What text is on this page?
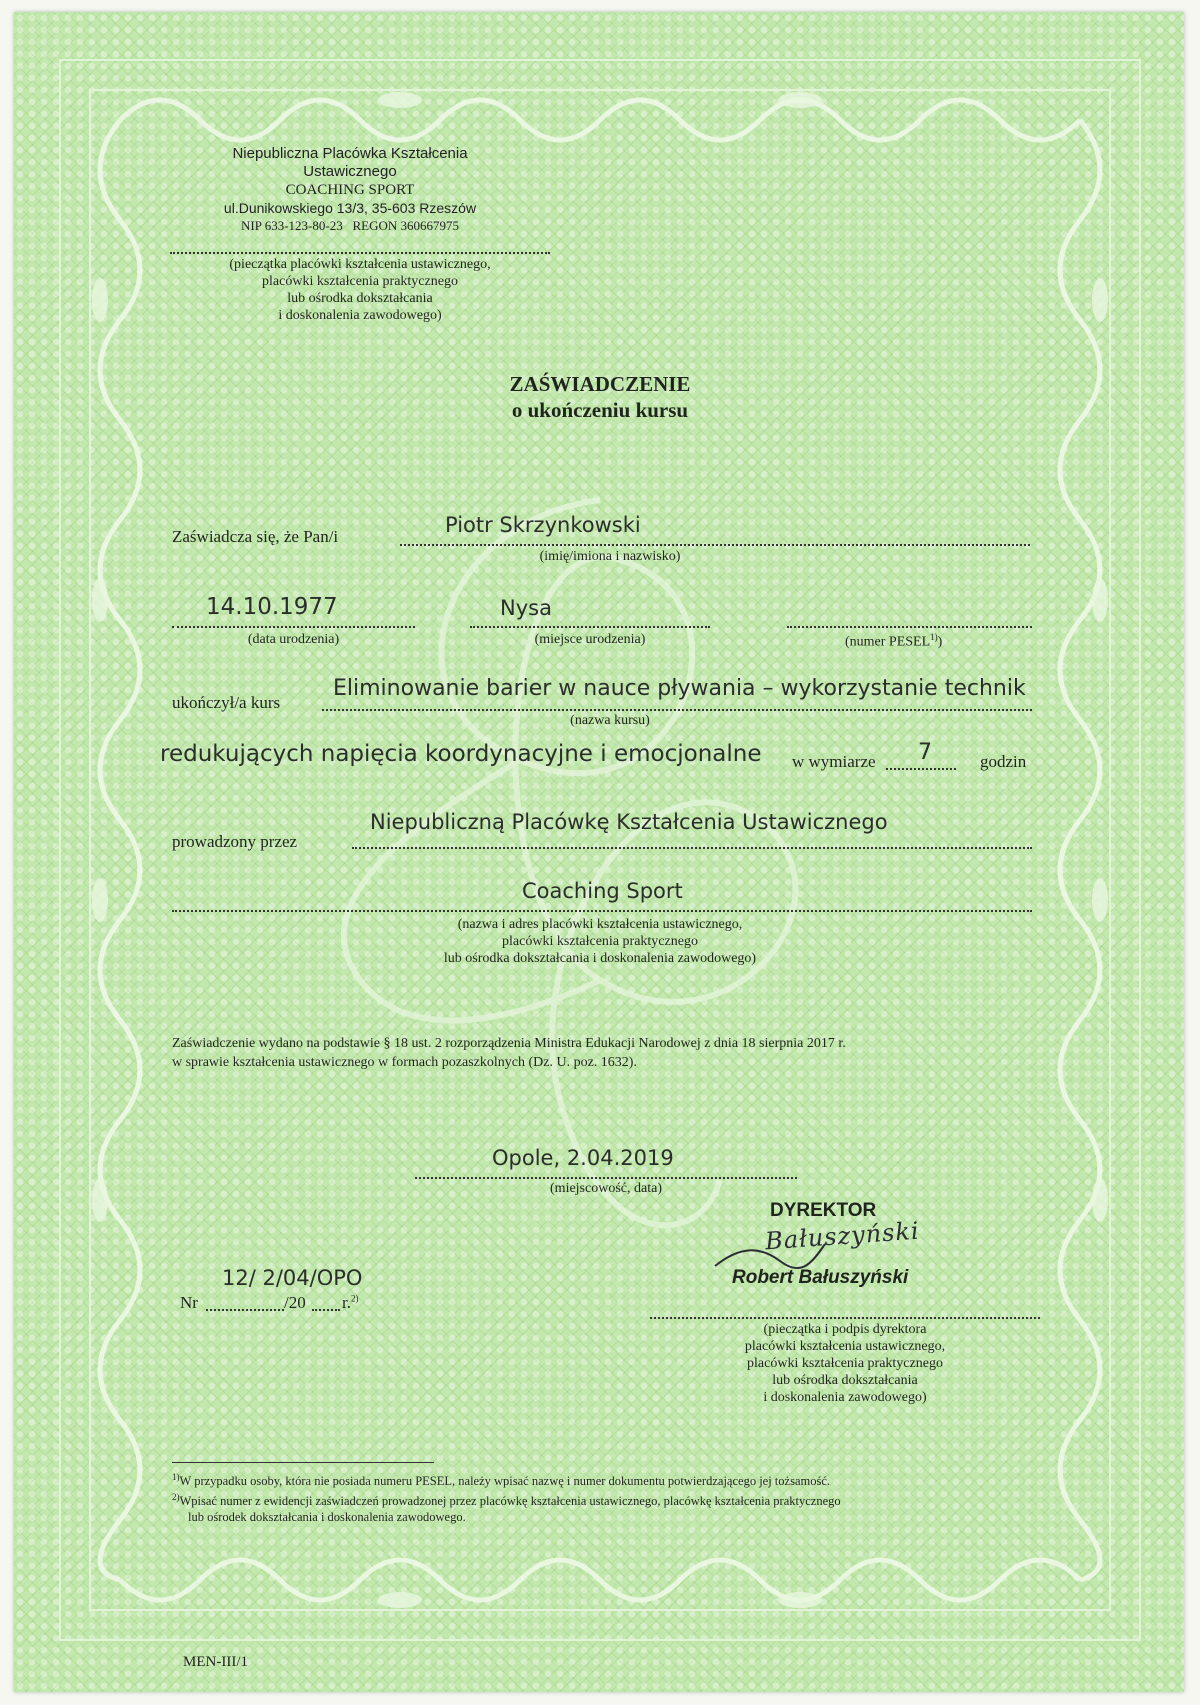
Niepubliczna Placówka Kształcenia
Ustawicznego
COACHING SPORT
ul.Dunikowskiego 13/3, 35-603 Rzeszów
NIP 633-123-80-23   REGON 360667975
(pieczątka placówki kształcenia ustawicznego,
placówki kształcenia praktycznego
lub ośrodka dokształcania
i doskonalenia zawodowego)
ZAŚWIADCZENIE
o ukończeniu kursu
Zaświadcza się, że Pan/i	Piotr Skrzynkowski
(imię/imiona i nazwisko)
14.10.1977
(data urodzenia)
Nysa
(miejsce urodzenia)	(numer PESEL$^{1)}$)
ukończył/a kurs
Eliminowanie barier w nauce pływania – wykorzystanie technik
(nazwa kursu)
redukujących napięcia koordynacyjne i emocjonalne w wymiarze 7	godzin
prowadzony przez
Niepubliczną Placówkę Kształcenia Ustawicznego
Coaching Sport
(nazwa i adres placówki kształcenia ustawicznego,
placówki kształcenia praktycznego
lub ośrodka dokształcania i doskonalenia zawodowego)
Zaświadczenie wydano na podstawie § 18 ust. 2 rozporządzenia Ministra Edukacji Narodowej z dnia 18 sierpnia 2017 r.
w sprawie kształcenia ustawicznego w formach pozaszkolnych (Dz. U. poz. 1632).
Opole, 2.04.2019
(miejscowość, data)
DYREKTOR
Bałuszyński
Robert Bałuszyński
(pieczątka i podpis dyrektora
placówki kształcenia ustawicznego,
placówki kształcenia praktycznego
lub ośrodka dokształcania
i doskonalenia zawodowego)
Nr	/20 r.$^{2)}$
12/ 2/04/OPO
$^{1)}$W przypadku osoby, która nie posiada numeru PESEL, należy wpisać nazwę i numer dokumentu potwierdzającego jej tożsamość.
$^{2)}$Wpisać numer z ewidencji zaświadczeń prowadzonej przez placówkę kształcenia ustawicznego, placówkę kształcenia praktycznego
lub ośrodek dokształcania i doskonalenia zawodowego.
MEN-III/1
